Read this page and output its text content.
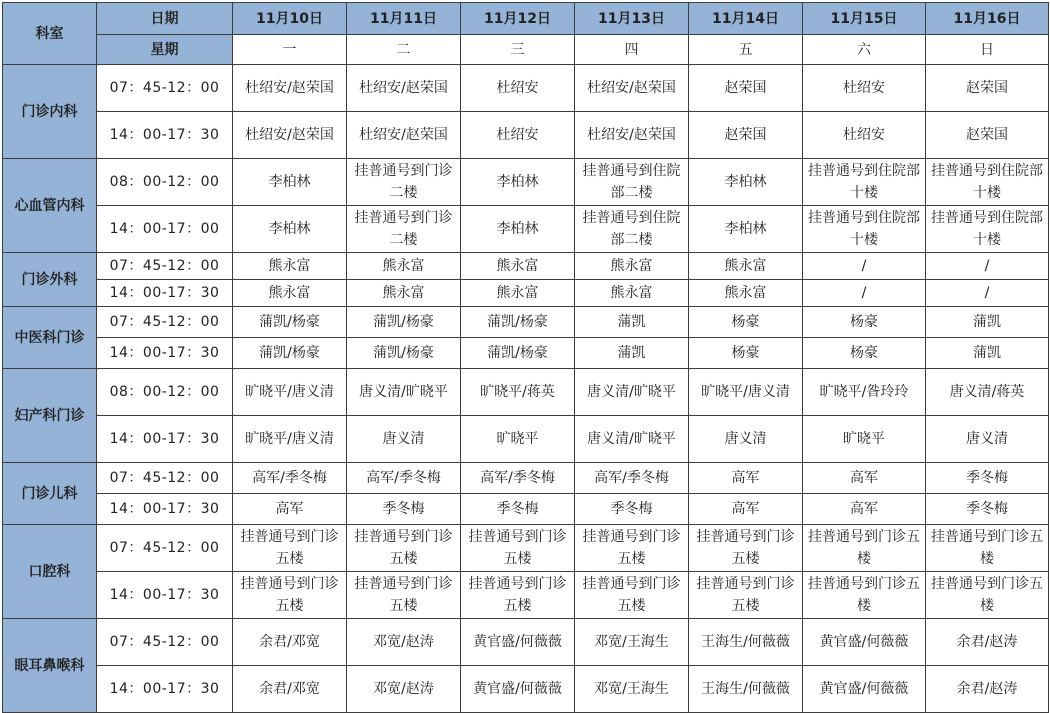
科室	日期	11月10日	11月11日	11月12日	11月13日	11月14日	11月15日	11月16日
	星期	一	二	三	四	五	六	日
门诊内科	07：45-12：00	杜绍安/赵荣国	杜绍安/赵荣国	杜绍安	杜绍安/赵荣国	赵荣国	杜绍安	赵荣国
	14：00-17：30	杜绍安/赵荣国	杜绍安/赵荣国	杜绍安	杜绍安/赵荣国	赵荣国	杜绍安	赵荣国
心血管内科	08：00-12：00	李柏林	挂普通号到门诊二楼	李柏林	挂普通号到住院部二楼	李柏林	挂普通号到住院部十楼	挂普通号到住院部十楼
	14：00-17：00	李柏林	挂普通号到门诊二楼	李柏林	挂普通号到住院部二楼	李柏林	挂普通号到住院部十楼	挂普通号到住院部十楼
门诊外科	07：45-12：00	熊永富	熊永富	熊永富	熊永富	熊永富	/	/
	14：00-17：30	熊永富	熊永富	熊永富	熊永富	熊永富	/	/
中医科门诊	07：45-12：00	蒲凯/杨豪	蒲凯/杨豪	蒲凯/杨豪	蒲凯	杨豪	杨豪	蒲凯
	14：00-17：30	蒲凯/杨豪	蒲凯/杨豪	蒲凯/杨豪	蒲凯	杨豪	杨豪	蒲凯
妇产科门诊	08：00-12：00	旷晓平/唐义清	唐义清/旷晓平	旷晓平/蒋英	唐义清/旷晓平	旷晓平/唐义清	旷晓平/昝玲玲	唐义清/蒋英
	14：00-17：30	旷晓平/唐义清	唐义清	旷晓平	唐义清/旷晓平	唐义清	旷晓平	唐义清
门诊儿科	07：45-12：00	高军/季冬梅	高军/季冬梅	高军/季冬梅	高军/季冬梅	高军	高军	季冬梅
	14：00-17：30	高军	季冬梅	季冬梅	季冬梅	高军	高军	季冬梅
口腔科	07：45-12：00	挂普通号到门诊五楼	挂普通号到门诊五楼	挂普通号到门诊五楼	挂普通号到门诊五楼	挂普通号到门诊五楼	挂普通号到门诊五楼	挂普通号到门诊五楼
	14：00-17：30	挂普通号到门诊五楼	挂普通号到门诊五楼	挂普通号到门诊五楼	挂普通号到门诊五楼	挂普通号到门诊五楼	挂普通号到门诊五楼	挂普通号到门诊五楼
眼耳鼻喉科	07：45-12：00	余君/邓宽	邓宽/赵涛	黄官盛/何薇薇	邓宽/王海生	王海生/何薇薇	黄官盛/何薇薇	余君/赵涛
	14：00-17：30	余君/邓宽	邓宽/赵涛	黄官盛/何薇薇	邓宽/王海生	王海生/何薇薇	黄官盛/何薇薇	余君/赵涛
